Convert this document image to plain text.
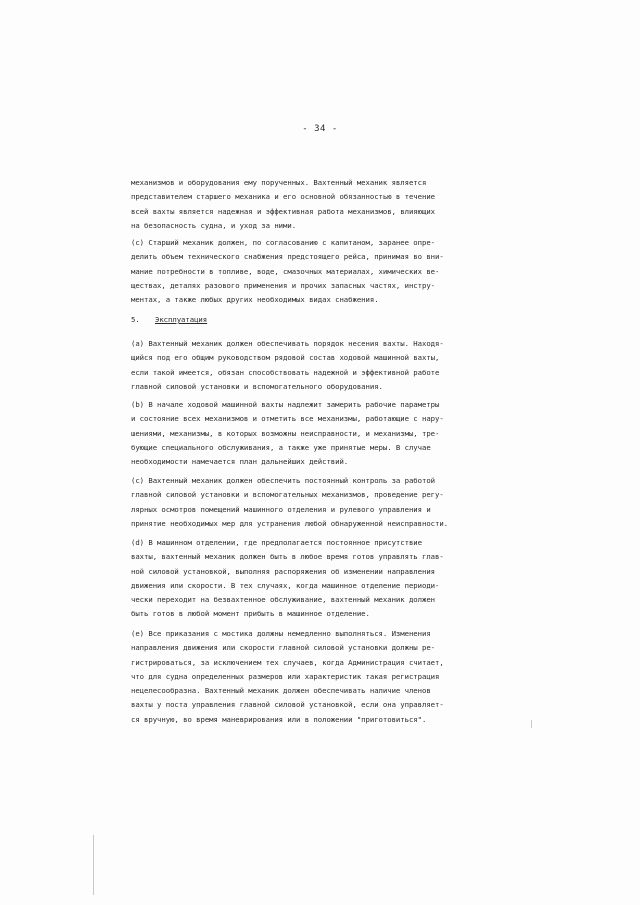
- 34 -
механизмов и оборудования ему порученных. Вахтенный механик является
представителем старшего механика и его основной обязанностью в течение
всей вахты является надежная и эффективная работа механизмов, влияющих
на безопасность судна, и уход за ними.
(c) Старший механик должен, по согласованию с капитаном, заранее опре-
делить объем технического снабжения предстоящего рейса, принимая во вни-
мание потребности в топливе, воде, смазочных материалах, химических ве-
ществах, деталях разового применения и прочих запасных частях, инстру-
ментах, а также любых других необходимых видах снабжения.
5. Эксплуатация
(a) Вахтенный механик должен обеспечивать порядок несения вахты. Находя-
щийся под его общим руководством рядовой состав ходовой машинной вахты,
если такой имеется, обязан способствовать надежной и эффективной работе
главной силовой установки и вспомогательного оборудования.
(b) В начале ходовой машинной вахты надлежит замерить рабочие параметры
и состояние всех механизмов и отметить все механизмы, работающие с нару-
шениями, механизмы, в которых возможны неисправности, и механизмы, тре-
бующие специального обслуживания, а также уже принятые меры. В случае
необходимости намечается план дальнейших действий.
(c) Вахтенный механик должен обеспечить постоянный контроль за работой
главной силовой установки и вспомогательных механизмов, проведение регу-
лярных осмотров помещений машинного отделения и рулевого управления и
принятие необходимых мер для устранения любой обнаруженной неисправности.
(d) В машинном отделении, где предполагается постоянное присутствие
вахты, вахтенный механик должен быть в любое время готов управлять глав-
ной силовой установкой, выполняя распоряжения об изменении направления
движения или скорости. В тех случаях, когда машинное отделение периоди-
чески переходит на безвахтенное обслуживание, вахтенный механик должен
быть готов в любой момент прибыть в машинное отделение.
(e) Все приказания с мостика должны немедленно выполняться. Изменения
направления движения или скорости главной силовой установки должны ре-
гистрироваться, за исключением тех случаев, когда Администрация считает,
что для судна определенных размеров или характеристик такая регистрация
нецелесообразна. Вахтенный механик должен обеспечивать наличие членов
вахты у поста управления главной силовой установкой, если она управляет-
ся вручную, во время маневрирования или в положении "приготовиться".
